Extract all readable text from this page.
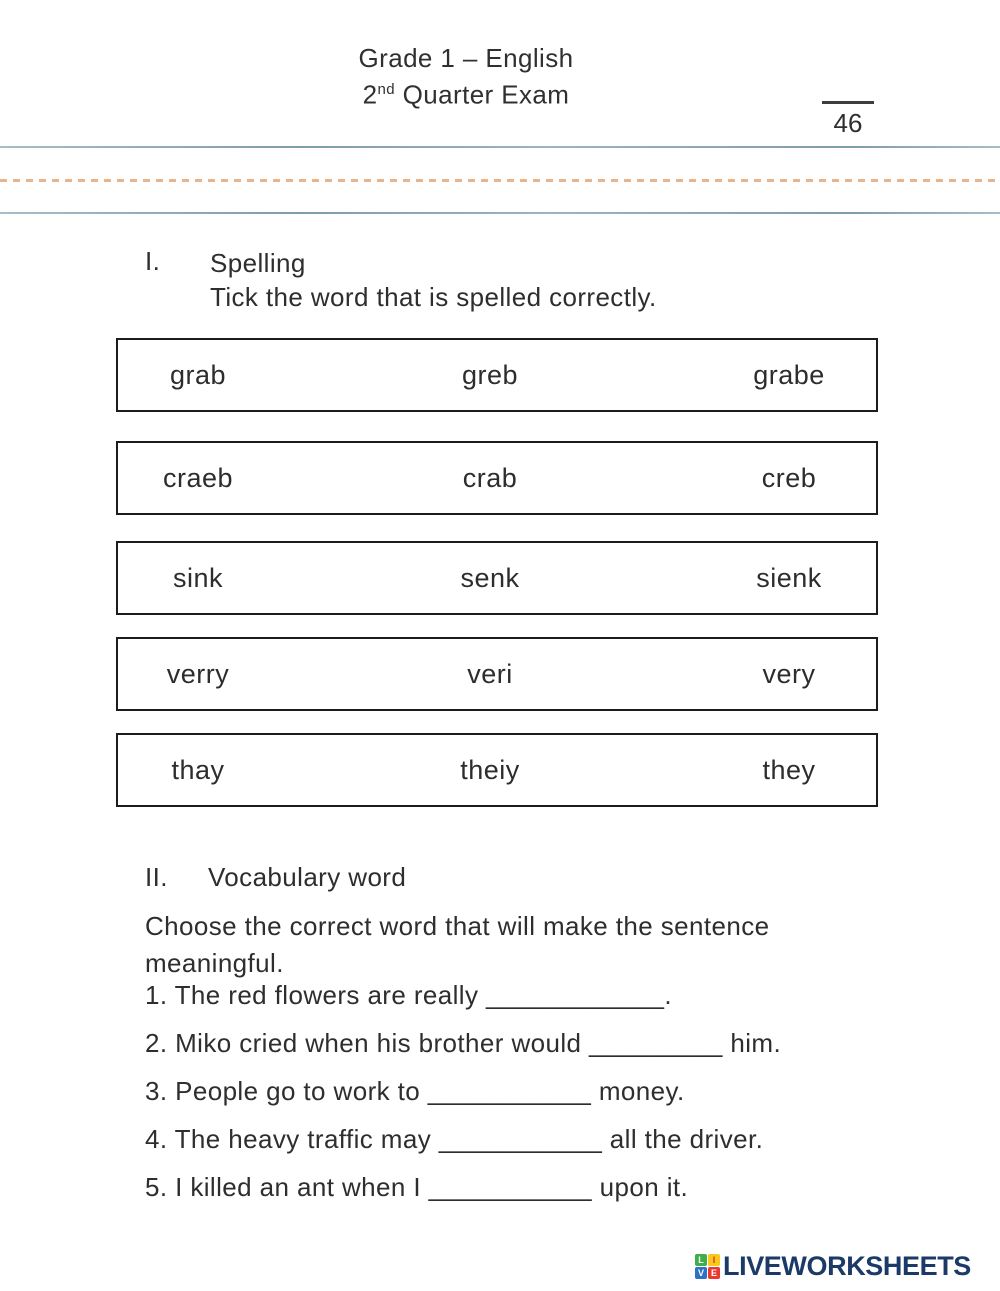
Grade 1 – English
2nd Quarter Exam
46
I.	Spelling
Tick the word that is spelled correctly.
grab	greb	grabe
craeb	crab	creb
sink	senk	sienk
verry	veri	very
thay	theiy	they
II.	Vocabulary word
Choose the correct word that will make the sentence meaningful.
1. The red flowers are really ____________.
2. Miko cried when his brother would _________ him.
3. People go to work to ___________ money.
4. The heavy traffic may ___________ all the driver.
5. I killed an ant when I ___________ upon it.
L I
V E LIVEWORKSHEETS
